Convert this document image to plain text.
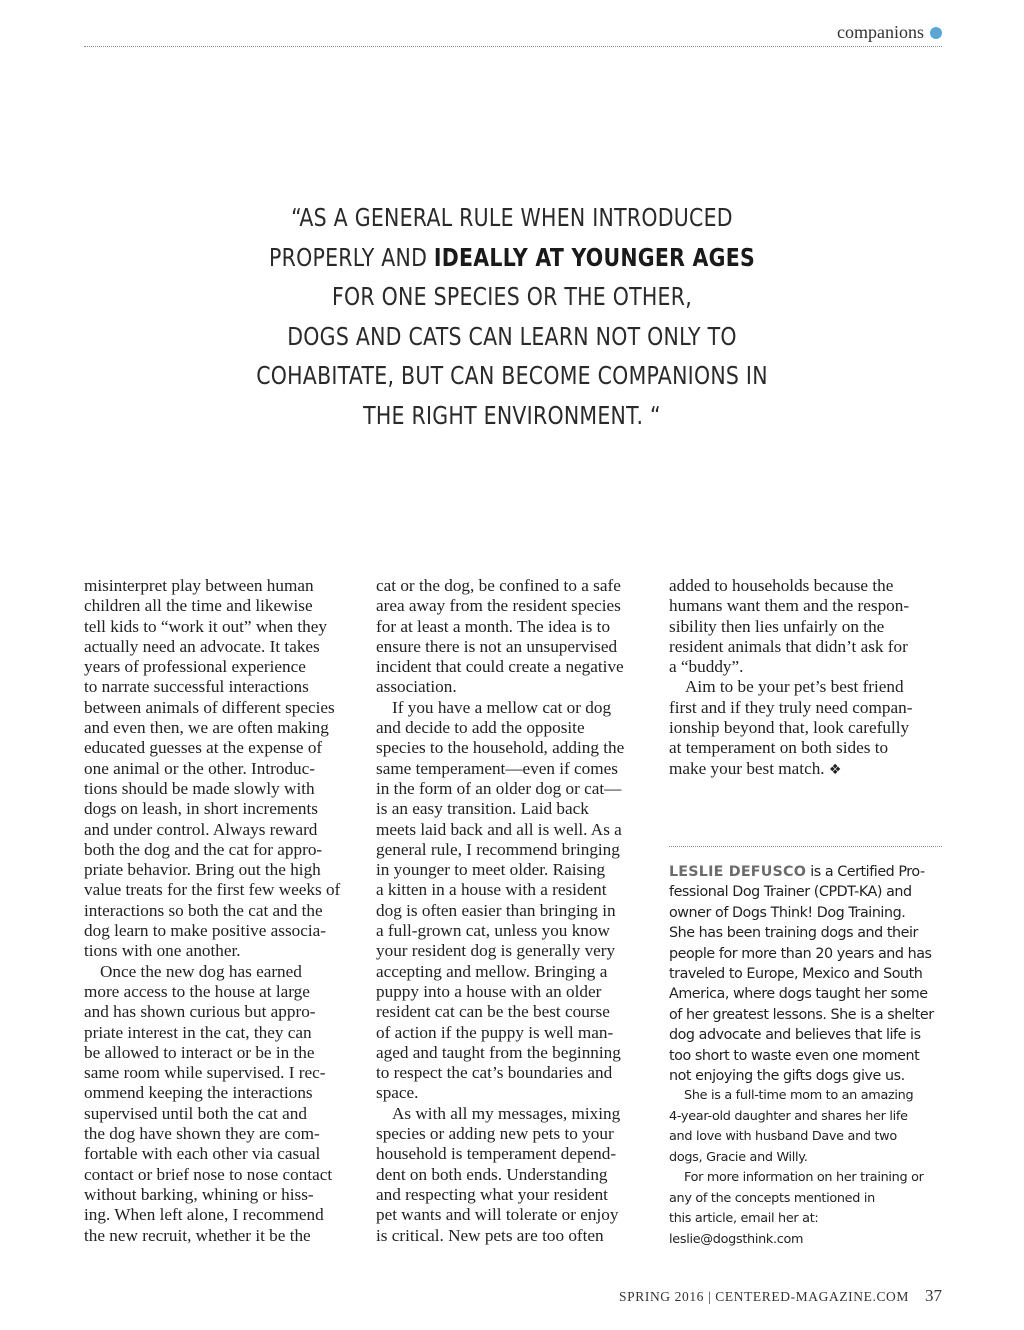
companions
“AS A GENERAL RULE WHEN INTRODUCED
PROPERLY AND IDEALLY AT YOUNGER AGES
FOR ONE SPECIES OR THE OTHER,
DOGS AND CATS CAN LEARN NOT ONLY TO
COHABITATE, BUT CAN BECOME COMPANIONS IN
THE RIGHT ENVIRONMENT. “

misinterpret play between human

children all the time and likewise

tell kids to “work it out” when they

actually need an advocate. It takes

years of professional experience

to narrate successful interactions

between animals of different species

and even then, we are often making

educated guesses at the expense of

one animal or the other. Introduc-

tions should be made slowly with

dogs on leash, in short increments

and under control. Always reward

both the dog and the cat for appro-

priate behavior. Bring out the high

value treats for the first few weeks of

interactions so both the cat and the

dog learn to make positive associa-

tions with one another.

Once the new dog has earned

more access to the house at large

and has shown curious but appro-

priate interest in the cat, they can

be allowed to interact or be in the

same room while supervised. I rec-

ommend keeping the interactions

supervised until both the cat and

the dog have shown they are com-

fortable with each other via casual

contact or brief nose to nose contact

without barking, whining or hiss-

ing. When left alone, I recommend

the new recruit, whether it be the

cat or the dog, be confined to a safe

area away from the resident species

for at least a month. The idea is to

ensure there is not an unsupervised

incident that could create a negative

association.

If you have a mellow cat or dog

and decide to add the opposite

species to the household, adding the

same temperament—even if comes

in the form of an older dog or cat—

is an easy transition. Laid back

meets laid back and all is well. As a

general rule, I recommend bringing

in younger to meet older. Raising

a kitten in a house with a resident

dog is often easier than bringing in

a full-grown cat, unless you know

your resident dog is generally very

accepting and mellow. Bringing a

puppy into a house with an older

resident cat can be the best course

of action if the puppy is well man-

aged and taught from the beginning

to respect the cat’s boundaries and

space.

As with all my messages, mixing

species or adding new pets to your

household is temperament depend-

dent on both ends. Understanding

and respecting what your resident

pet wants and will tolerate or enjoy

is critical. New pets are too often

added to households because the

humans want them and the respon-

sibility then lies unfairly on the

resident animals that didn’t ask for

a “buddy”.

Aim to be your pet’s best friend

first and if they truly need compan-

ionship beyond that, look carefully

at temperament on both sides to

make your best match. ❖

LESLIE DEFUSCO is a Certified Pro-

fessional Dog Trainer (CPDT-KA) and

owner of Dogs Think! Dog Training.

She has been training dogs and their

people for more than 20 years and has

traveled to Europe, Mexico and South

America, where dogs taught her some

of her greatest lessons. She is a shelter

dog advocate and believes that life is

too short to waste even one moment

not enjoying the gifts dogs give us.

She is a full-time mom to an amazing

4-year-old daughter and shares her life

and love with husband Dave and two

dogs, Gracie and Willy.

For more information on her training or

any of the concepts mentioned in

this article, email her at:

leslie@dogsthink.com

SPRING 2016 | CENTERED-MAGAZINE.COM 37
